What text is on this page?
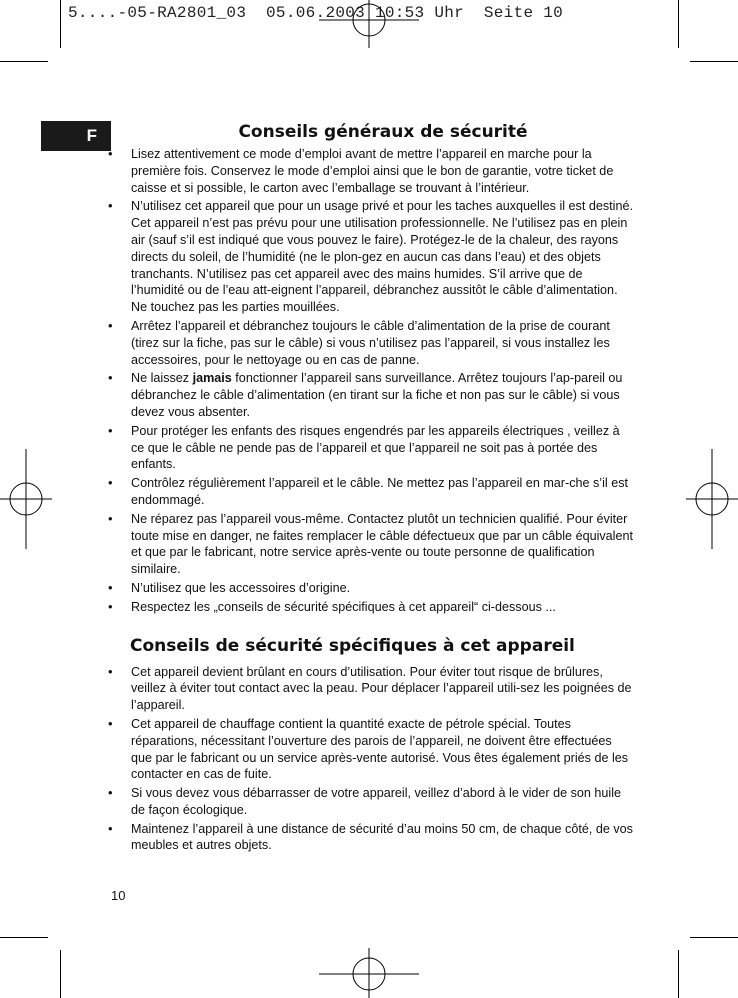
5....-05-RA2801_03  05.06.2003 10:53 Uhr  Seite 10
F	Conseils généraux de sécurité
• Lisez attentivement ce mode d’emploi avant de mettre l’appareil en marche pour la première fois. Conservez le mode d’emploi ainsi que le bon de garantie, votre ticket de caisse et si possible, le carton avec l’emballage se trouvant à l’intérieur.
• N’utilisez cet appareil que pour un usage privé et pour les taches auxquelles il est destiné. Cet appareil n’est pas prévu pour une utilisation professionnelle. Ne l’utilisez pas en plein air (sauf s’il est indiqué que vous pouvez le faire). Protégez-le de la chaleur, des rayons directs du soleil, de l’humidité (ne le plon-gez en aucun cas dans l’eau) et des objets tranchants. N’utilisez pas cet appareil avec des mains humides. S’il arrive que de l’humidité ou de l’eau att-eignent l’appareil, débranchez aussitôt le câble d’alimentation. Ne touchez pas les parties mouillées.
• Arrêtez l’appareil et débranchez toujours le câble d’alimentation de la prise de courant (tirez sur la fiche, pas sur le câble) si vous n’utilisez pas l’appareil, si vous installez les accessoires, pour le nettoyage ou en cas de panne.
• Ne laissez jamais fonctionner l’appareil sans surveillance. Arrêtez toujours l’ap-pareil ou débranchez le câble d’alimentation (en tirant sur la fiche et non pas sur le câble) si vous devez vous absenter.
• Pour protéger les enfants des risques engendrés par les appareils électriques , veillez à ce que le câble ne pende pas de l’appareil et que l’appareil ne soit pas à portée des enfants.
• Contrôlez régulièrement l’appareil et le câble. Ne mettez pas l’appareil en mar-che s’il est endommagé.
• Ne réparez pas l’appareil vous-même. Contactez plutôt un technicien qualifié. Pour éviter toute mise en danger, ne faites remplacer le câble défectueux que par un câble équivalent et que par le fabricant, notre service après-vente ou toute personne de qualification similaire.
• N’utilisez que les accessoires d’origine.
• Respectez les „conseils de sécurité spécifiques à cet appareil“ ci-dessous ...
Conseils de sécurité spécifiques à cet appareil
• Cet appareil devient brûlant en cours d’utilisation. Pour éviter tout risque de brûlures, veillez à éviter tout contact avec la peau. Pour déplacer l’appareil utili-sez les poignées de l’appareil.
• Cet appareil de chauffage contient la quantité exacte de pétrole spécial. Toutes réparations, nécessitant l’ouverture des parois de l’appareil, ne doivent être effectuées que par le fabricant ou un service après-vente autorisé. Vous êtes également priés de les contacter en cas de fuite.
• Si vous devez vous débarrasser de votre appareil, veillez d’abord à le vider de son huile de façon écologique.
• Maintenez l’appareil à une distance de sécurité d’au moins 50 cm, de chaque côté, de vos meubles et autres objets.
10
